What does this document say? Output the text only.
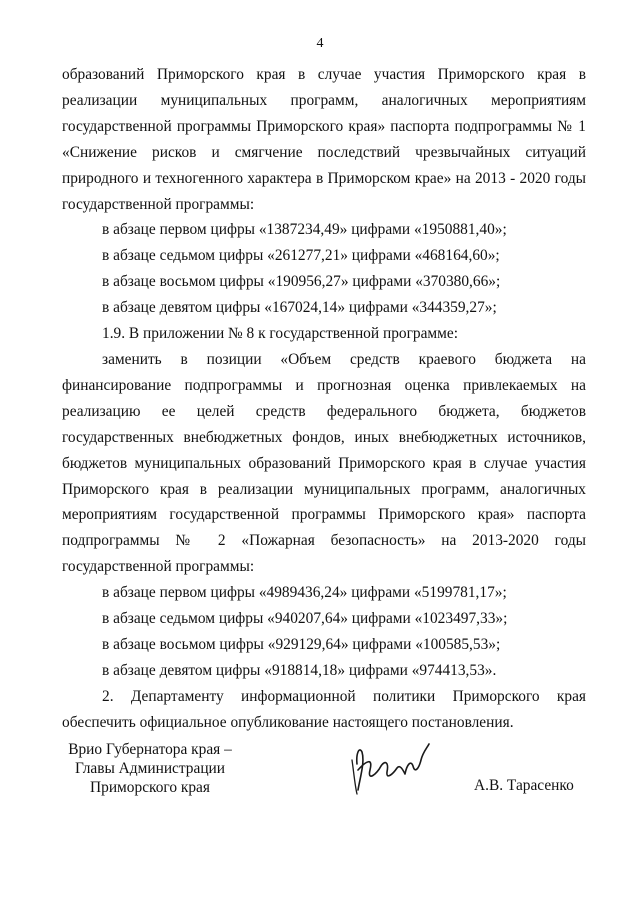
4

образований Приморского края в случае участия Приморского края в реализации муниципальных программ, аналогичных мероприятиям государственной программы Приморского края» паспорта подпрограммы № 1 «Снижение рисков и смягчение последствий чрезвычайных ситуаций природного и техногенного характера в Приморском крае» на 2013 - 2020 годы государственной программы:

в абзаце первом цифры «1387234,49» цифрами «1950881,40»;

в абзаце седьмом цифры «261277,21» цифрами «468164,60»;

в абзаце восьмом цифры «190956,27» цифрами «370380,66»;

в абзаце девятом цифры «167024,14» цифрами «344359,27»;

1.9. В приложении № 8 к государственной программе:

заменить в позиции «Объем средств краевого бюджета на финансирование подпрограммы и прогнозная оценка привлекаемых на реализацию ее целей средств федерального бюджета, бюджетов государственных внебюджетных фондов, иных внебюджетных источников, бюджетов муниципальных образований Приморского края в случае участия Приморского края в реализации муниципальных программ, аналогичных мероприятиям государственной программы Приморского края» паспорта подпрограммы № 2 «Пожарная безопасность» на 2013-2020 годы государственной программы:

в абзаце первом цифры «4989436,24» цифрами «5199781,17»;

в абзаце седьмом цифры «940207,64» цифрами «1023497,33»;

в абзаце восьмом цифры «929129,64» цифрами «100585,53»;

в абзаце девятом цифры «918814,18» цифрами «974413,53».

2. Департаменту информационной политики Приморского края обеспечить официальное опубликование настоящего постановления.

Врио Губернатора края –
Главы Администрации
Приморского края	А.В. Тарасенко
